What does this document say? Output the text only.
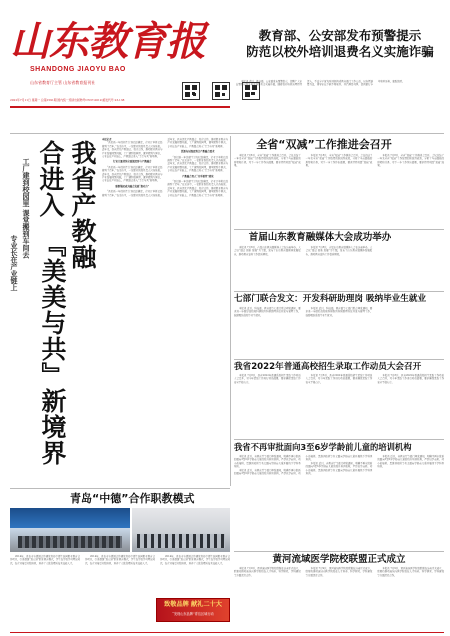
山东教育报
SHANDONG JIAOYU BAO
山东省教育厅主管 山东省教育报刊社
2022年7月11日 星期一 总第1591期 国内统一连续出版物号CN37-0019 邮发代号 23-138
教育部、公安部发布预警提示
防范以校外培训退费名义实施诈骗

本报讯 近日，教育部、公安部发布预警提示，提醒广大家长警惕以校外培训退费名义实施诈骗。随着校外培训治理持续深入，不法分子冒充培训机构或教育部门工作人员，以办理退费为由，诱导家长下载不明软件、开启屏幕共享、提供银行卡号和验证码，骗取钱财。

我省产教融合进入
『美美与共』新境界
工厂建到校园里 课堂搬到车间去
专业长在产业链上
本报记者

“我们新一年的招生计划已经确定，企业订单班已经排到了后年。”在采访中，一位职业院校负责人兴奋地说。近年来，我省深化产教融合、校企合作，推动职业教育与产业发展同频共振，工厂建到校园里，课堂搬到车间去，专业长在产业链上，产教融合进入“美美与共”新境界。

行业力量持续全面深度参与产教融合

“我们新一年的招生计划已经确定，企业订单班已经排到了后年。”在采访中，一位职业院校负责人兴奋地说。近年来，我省深化产教融合、校企合作，推动职业教育与产业发展同频共振，工厂建到校园里，课堂搬到车间去，专业长在产业链上，产教融合进入“美美与共”新境界。

职教集团成为融合发展“推动力”

“我们新一年的招生计划已经确定，企业订单班已经排到了后年。”在采访中，一位职业院校负责人兴奋地说。近年来，我省深化产教融合、校企合作，推动职业教育与产业发展同频共振，工厂建到校园里，课堂搬到车间去，专业长在产业链上，产教融合进入“美美与共”新境界。

资源布局深度契合产教融合需求

“我们新一年的招生计划已经确定，企业订单班已经排到了后年。”在采访中，一位职业院校负责人兴奋地说。近年来，我省深化产教融合、校企合作，推动职业教育与产业发展同频共振，工厂建到校园里，课堂搬到车间去，专业长在产业链上，产教融合进入“美美与共”新境界。

产教融合育人“共享课堂”建设

“我们新一年的招生计划已经确定，企业订单班已经排到了后年。”在采访中，一位职业院校负责人兴奋地说。近年来，我省深化产教融合、校企合作，推动职业教育与产业发展同频共振，工厂建到校园里，课堂搬到车间去，专业长在产业链上，产教融合进入“美美与共”新境界。

全省“双减”工作推进会召开

本报讯 7月8日，全省“双减”工作推进会召开。会议总结了一年来全省“双减”工作取得的阶段性成效，分析了当前面临的形势和任务，对下一步工作作出部署，要求持续巩固“双减”成果。

本报讯 7月8日，全省“双减”工作推进会召开。会议总结了一年来全省“双减”工作取得的阶段性成效，分析了当前面临的形势和任务，对下一步工作作出部署，要求持续巩固“双减”成果。

本报讯 7月8日，全省“双减”工作推进会召开。会议总结了一年来全省“双减”工作取得的阶段性成效，分析了当前面临的形势和任务，对下一步工作作出部署，要求持续巩固“双减”成果。

首届山东教育融媒体大会成功举办

本报讯 7月8日，首届山东教育融媒体大会在济南举办。大会以“融合 创新 发展”为主题，发布了山东教育融媒体发展报告，推动教育宣传工作提质增效。

本报讯 7月8日，首届山东教育融媒体大会在济南举办。大会以“融合 创新 发展”为主题，发布了山东教育融媒体发展报告，推动教育宣传工作提质增效。

七部门联合发文：开发科研助理岗 吸纳毕业生就业

本报讯 近日，科技部、教育部等七部门联合印发通知，要求进一步做好高校和科研院所科研助理岗位开发与管理工作，鼓励吸纳高校毕业生就业。

本报讯 近日，科技部、教育部等七部门联合印发通知，要求进一步做好高校和科研院所科研助理岗位开发与管理工作，鼓励吸纳高校毕业生就业。

我省2022年普通高校招生录取工作动员大会召开

本报讯 7月8日，我省2022年普通高校招生录取工作动员大会召开，对今年录取工作进行动员部署，要求确保录取工作安全平稳有序。

本报讯 7月8日，我省2022年普通高校招生录取工作动员大会召开，对今年录取工作进行动员部署，要求确保录取工作安全平稳有序。

本报讯 7月8日，我省2022年普通高校招生录取工作动员大会召开，对今年录取工作进行动员部署，要求确保录取工作安全平稳有序。

我省不再审批面向3至6岁学龄前儿童的培训机构

本报讯 近日，省教育厅等部门印发通知，明确不再审批新的面向3至6岁学龄前儿童的校外培训机构，严禁以学前班、幼小衔接班、思维训练班等名义面向学龄前儿童开展线下学科类培训。

本报讯 近日，省教育厅等部门印发通知，明确不再审批新的面向3至6岁学龄前儿童的校外培训机构，严禁以学前班、幼小衔接班、思维训练班等名义面向学龄前儿童开展线下学科类培训。

本报讯 近日，省教育厅等部门印发通知，明确不再审批新的面向3至6岁学龄前儿童的校外培训机构，严禁以学前班、幼小衔接班、思维训练班等名义面向学龄前儿童开展线下学科类培训。

本报讯 近日，省教育厅等部门印发通知，明确不再审批新的面向3至6岁学龄前儿童的校外培训机构，严禁以学前班、幼小衔接班、思维训练班等名义面向学龄前儿童开展线下学科类培训。

黄河流域医学院校联盟正式成立

本报讯 7月9日，黄河流域医学院校联盟在济南正式成立，联盟将推动流域内医学院校在人才培养、科学研究、学科建设等方面深度合作。

本报讯 7月9日，黄河流域医学院校联盟在济南正式成立，联盟将推动流域内医学院校在人才培养、科学研究、学科建设等方面深度合作。

本报讯 7月9日，黄河流域医学院校联盟在济南正式成立，联盟将推动流域内医学院校在人才培养、科学研究、学科建设等方面深度合作。

青岛“中德”合作职教模式

2014年，青岛市与德国合作建设青岛中德生态园职业教育合作项目，引进德国“双元制”职业教育模式，学生在学校学习理论知识，在企业接受实践培训，培养了大批高素质技术技能人才。

2014年，青岛市与德国合作建设青岛中德生态园职业教育合作项目，引进德国“双元制”职业教育模式，学生在学校学习理论知识，在企业接受实践培训，培养了大批高素质技术技能人才。

2014年，青岛市与德国合作建设青岛中德生态园职业教育合作项目，引进德国“双元制”职业教育模式，学生在学校学习理论知识，在企业接受实践培训，培养了大批高素质技术技能人才。

致敬品牌 献礼二十大
“发现山东品牌”青岛区域行动
